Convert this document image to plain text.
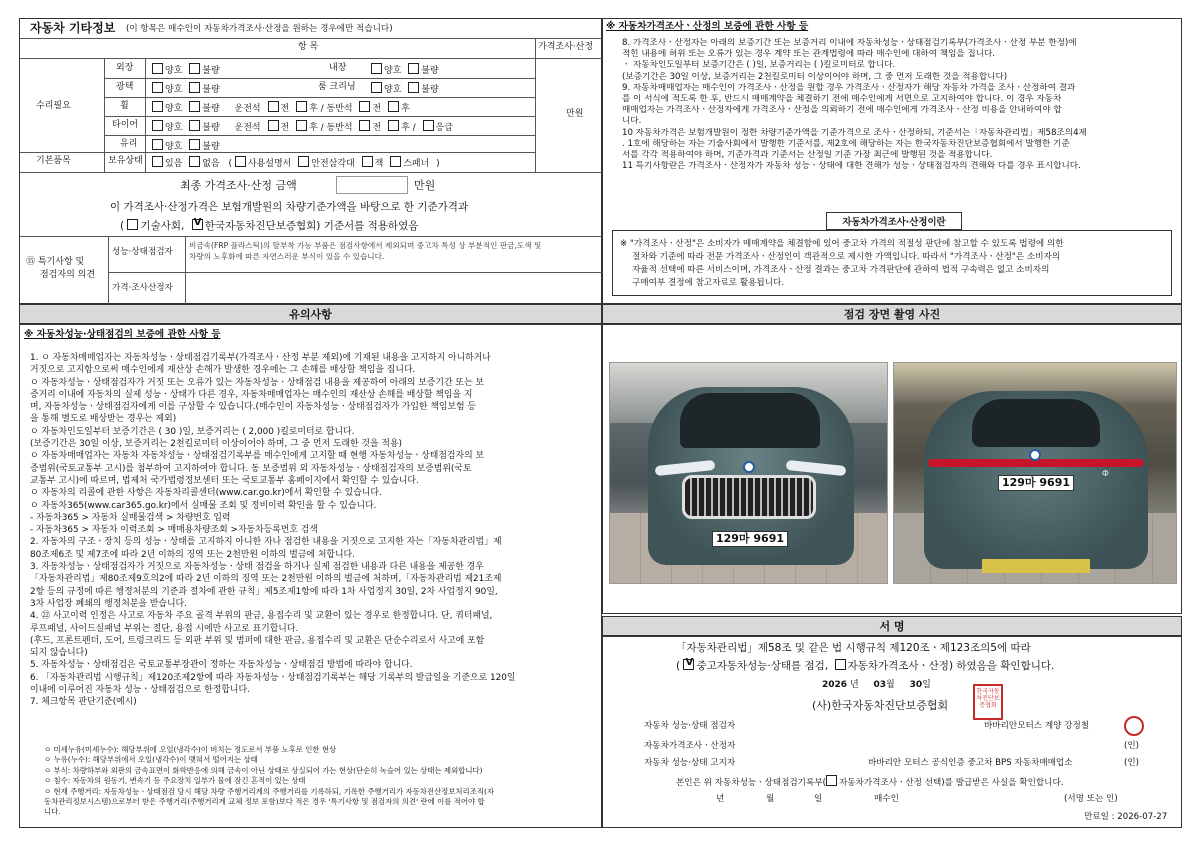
자동차 기타정보 (이 항목은 매수인이 자동차가격조사·산정을 원하는 경우에만 적습니다)
항 목	가격조사·산정
수리필요
기본품목
만원
외장	양호 불량	내장	양호 불량
광택	양호 불량	룸 크리닝	양호 불량
휠	양호 불량 운전석 전 후 / 동반석 전 후
타이어	양호 불량 운전석 전 후 / 동반석 전 후 / 응급
유리	양호 불량
보유상태	있음 없음 ( 사용설명서 안전삼각대 잭 스패너 )
최종 가격조사·산정 금액	만원
이 가격조사·산정가격은 보험개발원의 차량기준가액을 바탕으로 한 기준가격과
( 기술사회, V 한국자동차진단보증협회) 기준서를 적용하였음
⑮ 특기사항 및
점검자의 의견
성능·상태점검자
비금속(FRP 플라스틱)의 탈부착 가능 부품은 점검사항에서 제외되며 중고차 특성 상 부분적인 판금,도색 및
차량의 노후화에 따른 자연스러운 부식이 있을 수 있습니다.
가격·조사산정자
※ 자동차가격조사ㆍ산정의 보증에 관한 사항 등

8. 가격조사ㆍ산정자는 아래의 보증기간 또는 보증거리 이내에 자동차성능ㆍ상태점검기록부(가격조사ㆍ산정 부분 한정)에

적힌 내용에 허위 또는 오류가 있는 경우 계약 또는 관계법령에 따라 매수인에 대하여 책임을 집니다.

ㆍ 자동차인도일부터 보증기간은 ( )일, 보증거리는 ( )킬로미터로 합니다.

(보증기간은 30일 이상, 보증거리는 2천킬로미터 이상이어야 하며, 그 중 먼저 도래한 것을 적용합니다)

9. 자동차매매업자는 매수인이 가격조사ㆍ산정을 원할 경우 가격조사ㆍ산정자가 해당 자동차 가격을 조사ㆍ산정하여 결과

를 이 서식에 적도록 한 후, 반드시 매매계약을 체결하기 전에 매수인에게 서면으로 고지하여야 합니다. 이 경우 자동차

매매업자는 가격조사ㆍ산정자에게 가격조사ㆍ산정을 의뢰하기 전에 매수인에게 가격조사ㆍ산정 비용을 안내하여야 합

니다.

10 자동차가격은 보험개발원이 정한 차량기준가액을 기준가격으로 조사ㆍ산정하되, 기준서는「자동차관리법」제58조의4제

. 1호에 해당하는 자는 기술사회에서 발행한 기준서를, 제2호에 해당하는 자는 한국자동차진단보증협회에서 발행한 기준

서를 각각 적용하여야 하며, 기준가격과 기준서는 산정일 기준 가장 최근에 발행된 것을 적용합니다.

11 특기사항란은 가격조사ㆍ산정자가 자동차 성능ㆍ상태에 대한 견해가 성능ㆍ상태점검자의 견해와 다를 경우 표시합니다.

자동차가격조사·산정이란

※ "가격조사ㆍ산정"은 소비자가 매매계약을 체결함에 있어 중고차 가격의 적절성 판단에 참고할 수 있도록 법령에 의한

절차와 기준에 따라 전문 가격조사ㆍ산정인이 객관적으로 제시한 가액입니다. 따라서 "가격조사ㆍ산정"은 소비자의

자율적 선택에 따른 서비스이며, 가격조사ㆍ산정 결과는 중고차 가격판단에 관하여 법적 구속력은 없고 소비자의

구매여부 결정에 참고자료로 활용됩니다.

유의사항
※ 자동차성능·상태점검의 보증에 관한 사항 등

1. ㅇ 자동차매매업자는 자동차성능ㆍ상태점검기록부(가격조사ㆍ산정 부분 제외)에 기재된 내용을 고지하지 아니하거나

거짓으로 고지함으로써 매수인에게 재산상 손해가 발생한 경우에는 그 손해를 배상할 책임을 집니다.

ㅇ 자동차성능ㆍ상태점검자가 거짓 또는 오류가 있는 자동차성능ㆍ상태점검 내용을 제공하여 아래의 보증기간 또는 보

증거리 이내에 자동차의 실제 성능ㆍ상태가 다른 경우, 자동차매매업자는 매수인의 재산상 손해를 배상할 책임을 지

며, 자동차성능ㆍ상태점검자에게 이를 구상할 수 있습니다.(매수인이 자동차성능ㆍ상태점검자가 가입한 책임보험 등

을 통해 별도로 배상받는 경우는 제외)

ㅇ 자동차인도일부터 보증기간은 ( 30 )일, 보증거리는 ( 2,000 )킬로미터로 합니다.

(보증기간은 30일 이상, 보증거리는 2천킬로미터 이상이어야 하며, 그 중 먼저 도래한 것을 적용)

ㅇ 자동차매매업자는 자동차 자동차성능ㆍ상태점검기록부를 매수인에게 고지할 때 현행 자동차성능ㆍ상태점검자의 보

증범위(국토교통부 고시)를 첨부하여 고지하여야 합니다. 동 보증범위 외 자동차성능ㆍ상태점검자의 보증범위(국토

교통부 고시)에 따르며, 법제처 국가법령정보센터 또는 국토교통부 홈페이지에서 확인할 수 있습니다.

ㅇ 자동차의 리콜에 관한 사항은 자동차리콜센터(www.car.go.kr)에서 확인할 수 있습니다.

ㅇ 자동차365(www.car365.go.kr)에서 실매물 조회 및 정비이력 확인을 할 수 있습니다.

- 자동차365 > 자동차 실매물검색 > 차량번호 입력

- 자동차365 > 자동차 이력조회 > 매매용차량조회 >자동차등록번호 검색

2. 자동차의 구조ㆍ장치 등의 성능ㆍ상태를 고지하지 아니한 자나 점검한 내용을 거짓으로 고지한 자는「자동차관리법」제

80조제6조 및 제7조에 따라 2년 이하의 징역 또는 2천만원 이하의 벌금에 처합니다.

3. 자동차성능ㆍ상태점검자가 거짓으로 자동차성능ㆍ상태 점검을 하거나 실제 점검한 내용과 다른 내용을 제공한 경우

「자동차관리법」제80조제9호의2에 따라 2년 이하의 징역 또는 2천만원 이하의 벌금에 처하며,「자동차관리법 제21조제

2항 등의 규정에 따른 행정처분의 기준과 절차에 관한 규칙」제5조제1항에 따라 1차 사업정지 30일, 2차 사업정지 90일,

3차 사업장 폐쇄의 행정처분을 받습니다.

4. ㉒ 사고이력 인정은 사고로 자동차 주요 골격 부위의 판금, 용접수리 및 교환이 있는 경우로 한정합니다. 단, 쿼터패널,

루프패널, 사이드실패널 부위는 절단, 용접 시에만 사고로 표기합니다.

(후드, 프론트펜더, 도어, 트렁크리드 등 외판 부위 및 범퍼에 대한 판금, 용접수리 및 교환은 단순수리로서 사고에 포함

되지 않습니다)

5. 자동차성능ㆍ상태점검은 국토교통부장관이 정하는 자동차성능ㆍ상태점검 방법에 따라야 합니다.

6. 「자동차관리법 시행규칙」제120조제2항에 따라 자동차성능ㆍ상태점검기록부는 해당 기록부의 발급일을 기준으로 120일

이내에 이루어진 자동차 성능ㆍ상태점검으로 한정합니다.

7. 체크항목 판단기준(예시)

ㅇ 미세누유(미세누수): 해당부위에 오일(냉각수)이 비치는 정도로서 부품 노후로 인한 현상

ㅇ 누유(누수): 해당부위에서 오일(냉각수)이 맺혀서 떨어지는 상태

ㅇ 부식: 차량하부와 외판의 금속표면이 화학반응에 의해 금속이 아닌 상태로 상실되어 가는 현상(단순히 녹슬어 있는 상태는 제외합니다)

ㅇ 침수: 자동차의 원동기, 변속기 등 주요장치 일부가 물에 잠긴 흔적이 있는 상태

ㅇ 현재 주행거리: 자동차성능ㆍ상태점검 당시 해당 차량 주행거리계의 주행거리를 기록하되, 기록한 주행거리가 자동차전산정보처리조직(자

동차관리정보시스템)으로부터 받은 주행거리(주행거리계 교체 정보 포함)보다 적은 경우 '특기사항 및 점검자의 의견' 란에 이를 적어야 합

니다.

점검 장면 촬영 사진
129마 9691
Ф
129마 9691
서 명
「자동차관리법」제58조 및 같은 법 시행규칙 제120조ㆍ제123조의5에 따라
( V중고자동차성능·상태를 점검, 자동차가격조사ㆍ산정) 하였음을 확인합니다.
2026 년 03월 30일
(사)한국자동차진단보증협회
한국자동차진단보증협회
자동차 성능·상태 점검자	바바리안모터스 계양 강정철
자동차가격조사ㆍ산정자	(인)
자동차 성능·상태 고지자	바바리안 모터스 공식인증 중고차 BPS 자동차매매업소	(인)
본인은 위 자동차성능ㆍ상태점검기록부( 자동차가격조사ㆍ산정 선택)를 발급받은 사실을 확인합니다.
년	월	일	매수인	(서명 또는 인)
만료일 : 2026-07-27
